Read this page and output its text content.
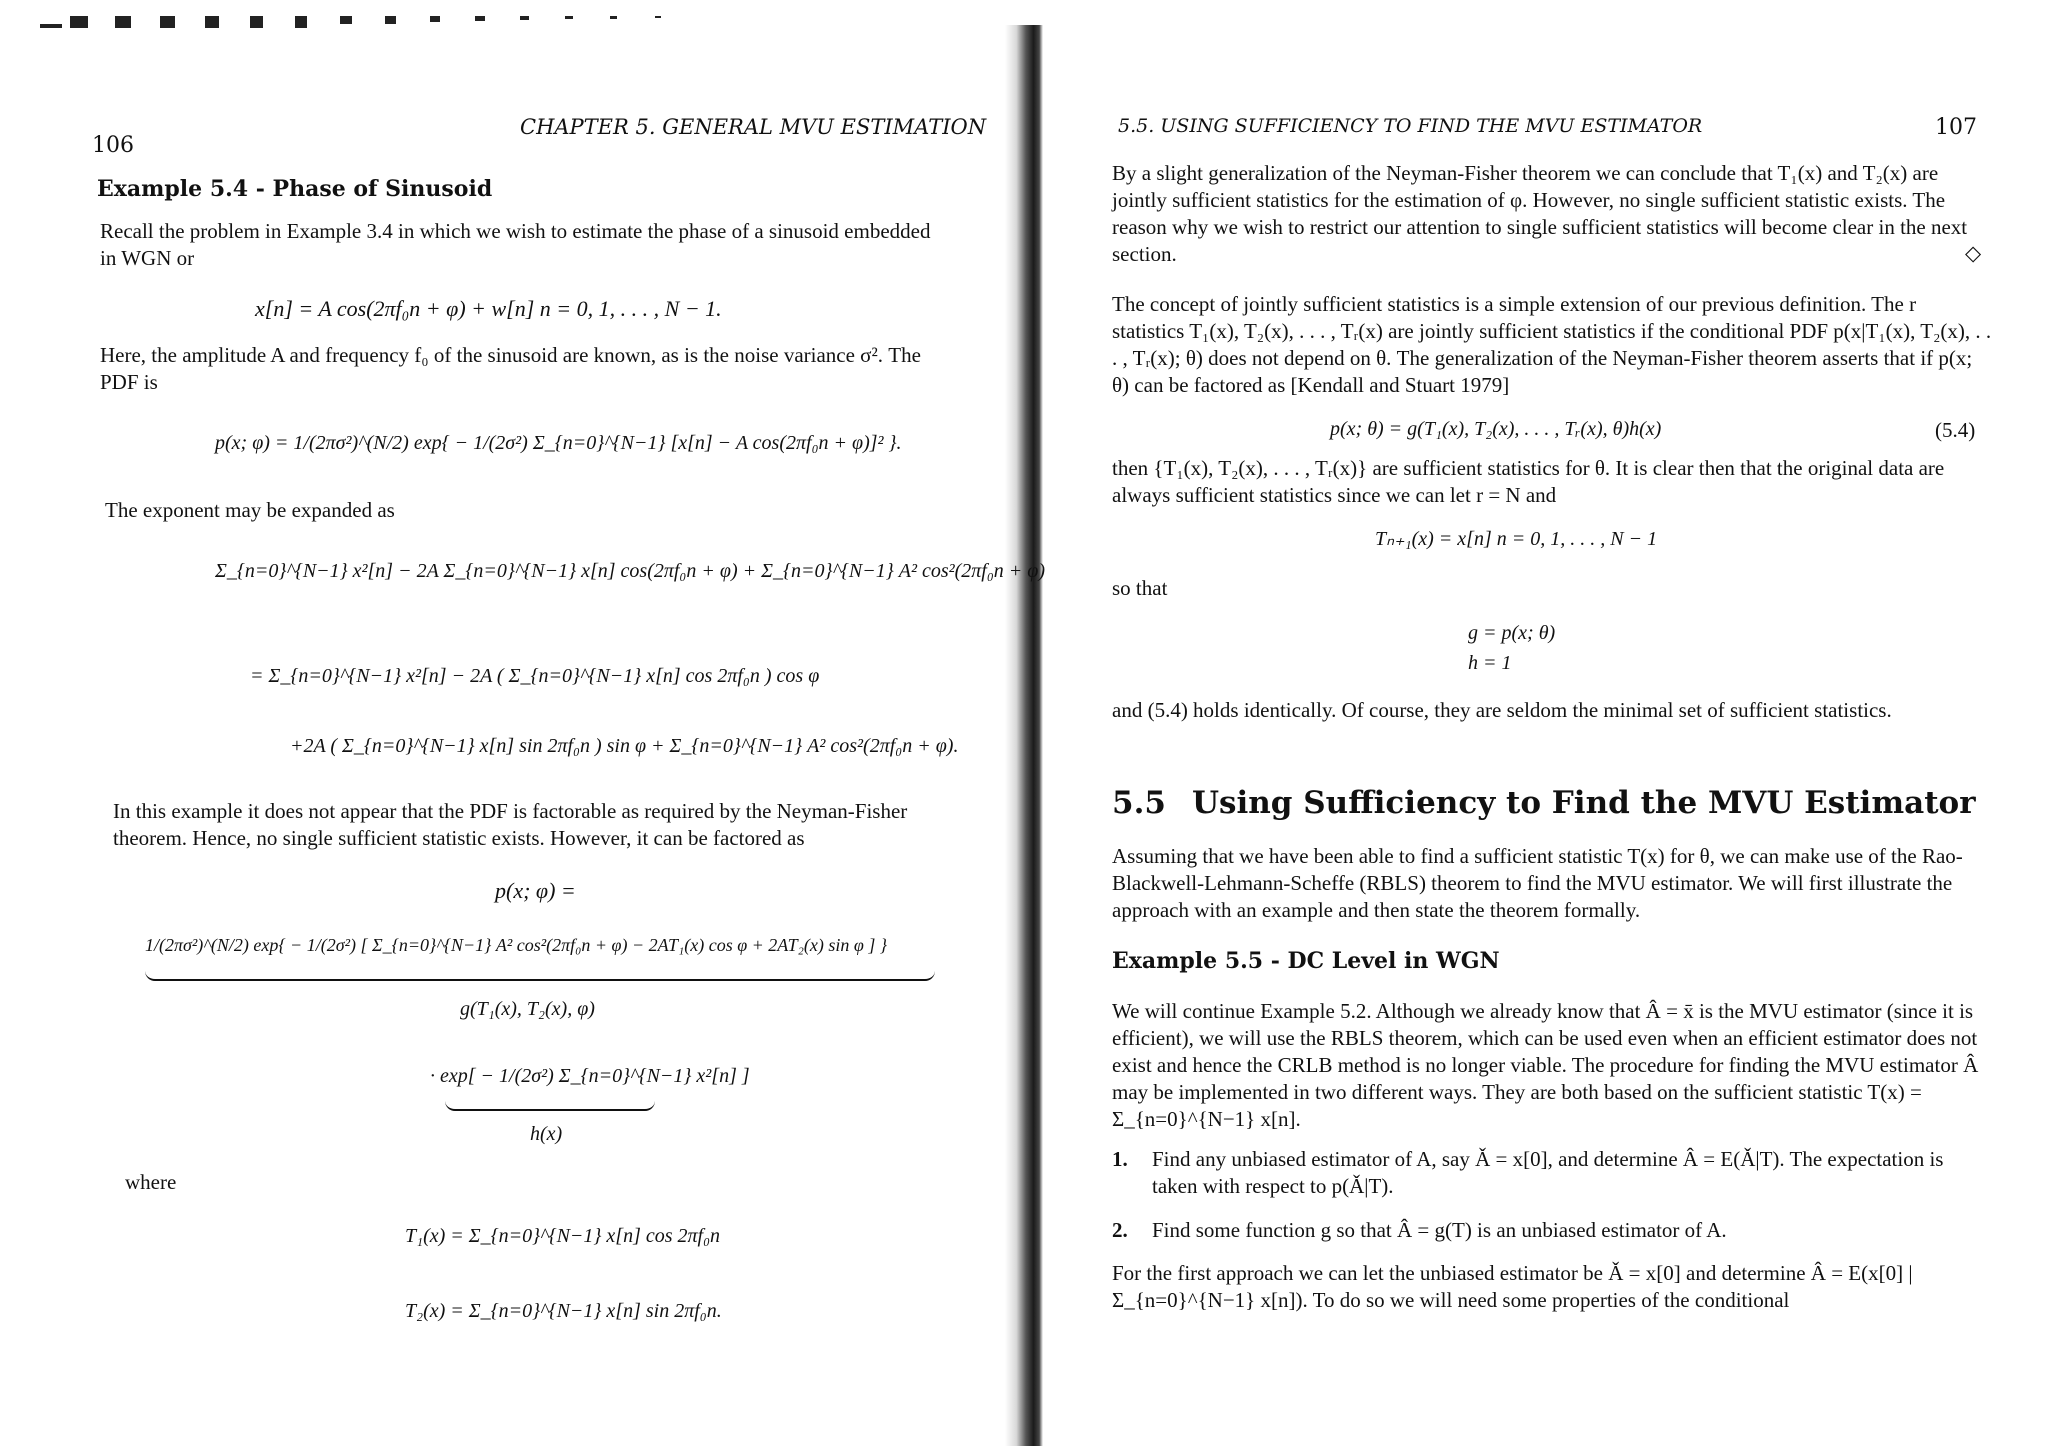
106
CHAPTER 5. GENERAL MVU ESTIMATION
Example 5.4 - Phase of Sinusoid
Recall the problem in Example 3.4 in which we wish to estimate the phase of a sinusoid embedded in WGN or
x[n] = A cos(2πf₀n + φ) + w[n] n = 0, 1, . . . , N − 1.
Here, the amplitude A and frequency f₀ of the sinusoid are known, as is the noise variance σ². The PDF is
p(x; φ) = 1/(2πσ²)^(N/2) exp{ − 1/(2σ²) Σ_{n=0}^{N−1} [x[n] − A cos(2πf₀n + φ)]² }.
The exponent may be expanded as
Σ_{n=0}^{N−1} x²[n] − 2A Σ_{n=0}^{N−1} x[n] cos(2πf₀n + φ) + Σ_{n=0}^{N−1} A² cos²(2πf₀n + φ)
= Σ_{n=0}^{N−1} x²[n] − 2A ( Σ_{n=0}^{N−1} x[n] cos 2πf₀n ) cos φ
+2A ( Σ_{n=0}^{N−1} x[n] sin 2πf₀n ) sin φ + Σ_{n=0}^{N−1} A² cos²(2πf₀n + φ).
In this example it does not appear that the PDF is factorable as required by the Neyman-Fisher theorem. Hence, no single sufficient statistic exists. However, it can be factored as
p(x; φ) =
1/(2πσ²)^(N/2) exp{ − 1/(2σ²) [ Σ_{n=0}^{N−1} A² cos²(2πf₀n + φ) − 2AT₁(x) cos φ + 2AT₂(x) sin φ ] }
g(T₁(x), T₂(x), φ)
· exp[ − 1/(2σ²) Σ_{n=0}^{N−1} x²[n] ]
h(x)
where
T₁(x) = Σ_{n=0}^{N−1} x[n] cos 2πf₀n
T₂(x) = Σ_{n=0}^{N−1} x[n] sin 2πf₀n.
5.5. USING SUFFICIENCY TO FIND THE MVU ESTIMATOR	107
By a slight generalization of the Neyman-Fisher theorem we can conclude that T₁(x) and T₂(x) are jointly sufficient statistics for the estimation of φ. However, no single sufficient statistic exists. The reason why we wish to restrict our attention to single sufficient statistics will become clear in the next section.	◇
The concept of jointly sufficient statistics is a simple extension of our previous definition. The r statistics T₁(x), T₂(x), . . . , Tᵣ(x) are jointly sufficient statistics if the conditional PDF p(x|T₁(x), T₂(x), . . . , Tᵣ(x); θ) does not depend on θ. The generalization of the Neyman-Fisher theorem asserts that if p(x; θ) can be factored as [Kendall and Stuart 1979]
p(x; θ) = g(T₁(x), T₂(x), . . . , Tᵣ(x), θ)h(x)	(5.4)
then {T₁(x), T₂(x), . . . , Tᵣ(x)} are sufficient statistics for θ. It is clear then that the original data are always sufficient statistics since we can let r = N and
Tₙ₊₁(x) = x[n] n = 0, 1, . . . , N − 1
so that
g = p(x; θ)
h = 1
and (5.4) holds identically. Of course, they are seldom the minimal set of sufficient statistics.
5.5 Using Sufficiency to Find the MVU Estimator
Assuming that we have been able to find a sufficient statistic T(x) for θ, we can make use of the Rao-Blackwell-Lehmann-Scheffe (RBLS) theorem to find the MVU estimator. We will first illustrate the approach with an example and then state the theorem formally.
Example 5.5 - DC Level in WGN
We will continue Example 5.2. Although we already know that Â = x̄ is the MVU estimator (since it is efficient), we will use the RBLS theorem, which can be used even when an efficient estimator does not exist and hence the CRLB method is no longer viable. The procedure for finding the MVU estimator Â may be implemented in two different ways. They are both based on the sufficient statistic T(x) = Σ_{n=0}^{N−1} x[n].
1. Find any unbiased estimator of A, say Ǎ = x[0], and determine Â = E(Ǎ|T). The expectation is taken with respect to p(Ǎ|T).
2. Find some function g so that Â = g(T) is an unbiased estimator of A.
For the first approach we can let the unbiased estimator be Ǎ = x[0] and determine Â = E(x[0] | Σ_{n=0}^{N−1} x[n]). To do so we will need some properties of the conditional
